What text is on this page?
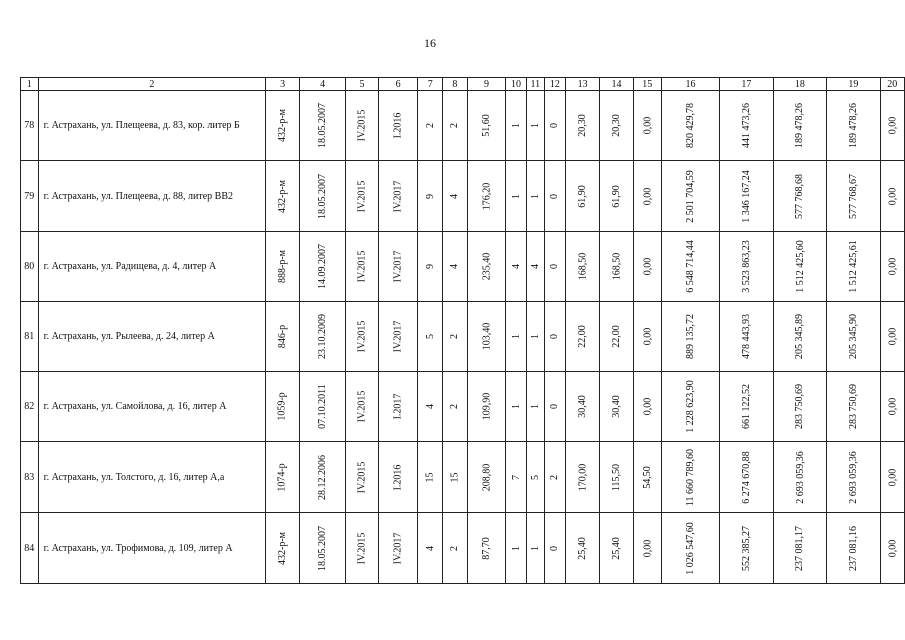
16
1	2	3	4	5	6	7	8	9	10	11	12	13	14	15	16	17	18	19	20
78	г. Астрахань, ул. Плещеева, д. 83, кор. литер Б	432-р-м	18.05.2007	IV.2015	I.2016	2	2	51,60	1	1	0	20,30	20,30	0,00	820 429,78	441 473,26	189 478,26	189 478,26	0,00
79	г. Астрахань, ул. Плещеева, д. 88, литер ВВ2	432-р-м	18.05.2007	IV.2015	IV.2017	9	4	176,20	1	1	0	61,90	61,90	0,00	2 501 704,59	1 346 167,24	577 768,68	577 768,67	0,00
80	г. Астрахань, ул. Радищева, д. 4, литер А	888-р-м	14.09.2007	IV.2015	IV.2017	9	4	235,40	4	4	0	168,50	168,50	0,00	6 548 714,44	3 523 863,23	1 512 425,60	1 512 425,61	0,00
81	г. Астрахань, ул. Рылеева, д. 24, литер А	846-р	23.10.2009	IV.2015	IV.2017	5	2	103,40	1	1	0	22,00	22,00	0,00	889 135,72	478 443,93	205 345,89	205 345,90	0,00
82	г. Астрахань, ул. Самойлова, д. 16, литер А	1059-р	07.10.2011	IV.2015	I.2017	4	2	109,90	1	1	0	30,40	30,40	0,00	1 228 623,90	661 122,52	283 750,69	283 750,69	0,00
83	г. Астрахань, ул. Толстого, д. 16, литер А,а	1074-р	28.12.2006	IV.2015	I.2016	15	15	208,80	7	5	2	170,00	115,50	54,50	11 660 789,60	6 274 670,88	2 693 059,36	2 693 059,36	0,00
84	г. Астрахань, ул. Трофимова, д. 109, литер А	432-р-м	18.05.2007	IV.2015	IV.2017	4	2	87,70	1	1	0	25,40	25,40	0,00	1 026 547,60	552 385,27	237 081,17	237 081,16	0,00
